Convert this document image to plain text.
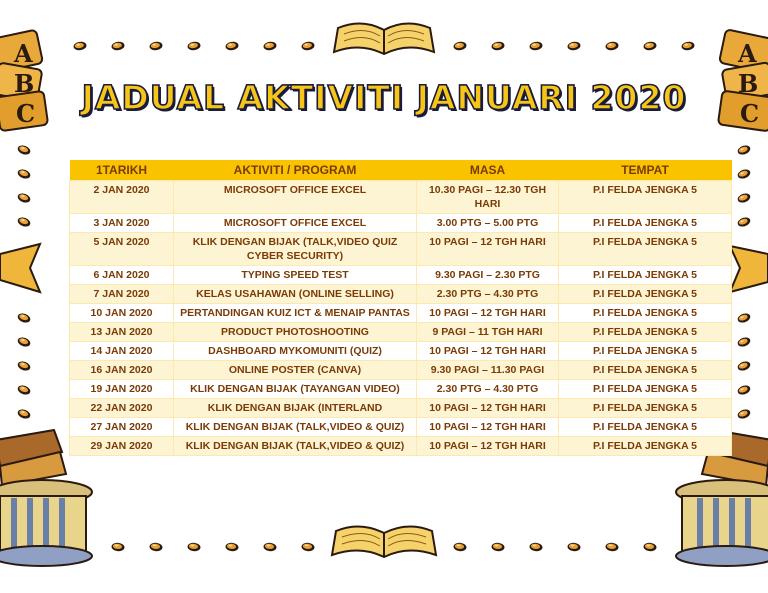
A
B
C
A
B
C
JADUAL AKTIVITI JANUARI 2020
1TARIKH	AKTIVITI / PROGRAM	MASA	TEMPAT
2 JAN 2020	MICROSOFT OFFICE EXCEL	10.30 PAGI – 12.30 TGH HARI	P.I FELDA JENGKA 5
3 JAN 2020	MICROSOFT OFFICE EXCEL	3.00 PTG – 5.00 PTG	P.I FELDA JENGKA 5
5 JAN 2020	KLIK DENGAN BIJAK (TALK,VIDEO QUIZ CYBER SECURITY)	10 PAGI – 12 TGH HARI	P.I FELDA JENGKA 5
6 JAN 2020	TYPING SPEED TEST	9.30 PAGI – 2.30 PTG	P.I FELDA JENGKA 5
7 JAN 2020	KELAS USAHAWAN (ONLINE SELLING)	2.30 PTG – 4.30 PTG	P.I FELDA JENGKA 5
10 JAN 2020	PERTANDINGAN KUIZ ICT & MENAIP PANTAS	10 PAGI – 12 TGH HARI	P.I FELDA JENGKA 5
13 JAN 2020	PRODUCT PHOTOSHOOTING	9 PAGI – 11 TGH HARI	P.I FELDA JENGKA 5
14 JAN 2020	DASHBOARD MYKOMUNITI (QUIZ)	10 PAGI – 12 TGH HARI	P.I FELDA JENGKA 5
16 JAN 2020	ONLINE POSTER (CANVA)	9.30 PAGI – 11.30 PAGI	P.I FELDA JENGKA 5
19 JAN 2020	KLIK DENGAN BIJAK (TAYANGAN VIDEO)	2.30 PTG – 4.30 PTG	P.I FELDA JENGKA 5
22 JAN 2020	KLIK DENGAN BIJAK (INTERLAND	10 PAGI – 12 TGH HARI	P.I FELDA JENGKA 5
27 JAN 2020	KLIK DENGAN BIJAK (TALK,VIDEO & QUIZ)	10 PAGI – 12 TGH HARI	P.I FELDA JENGKA 5
29 JAN 2020	KLIK DENGAN BIJAK (TALK,VIDEO & QUIZ)	10 PAGI – 12 TGH HARI	P.I FELDA JENGKA 5
